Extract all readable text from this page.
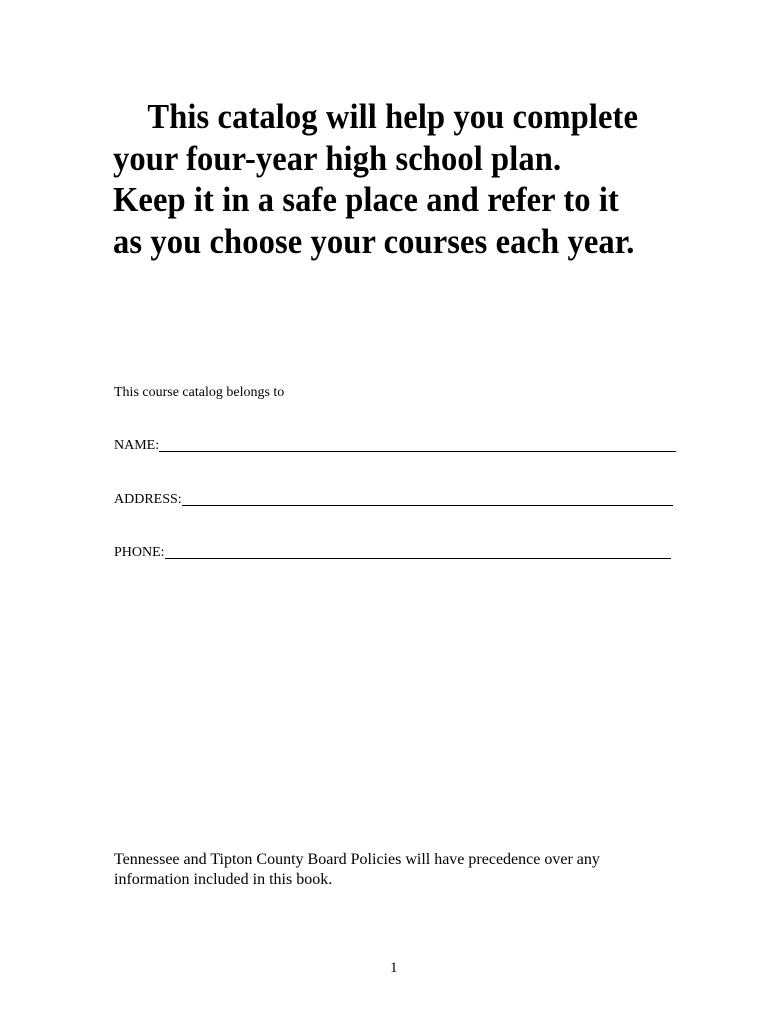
This catalog will help you complete
your four-year high school plan.
Keep it in a safe place and refer to it
as you choose your courses each year.

This course catalog belongs to

NAME:
ADDRESS:
PHONE:

Tennessee and Tipton County Board Policies will have precedence over any information included in this book.

1
